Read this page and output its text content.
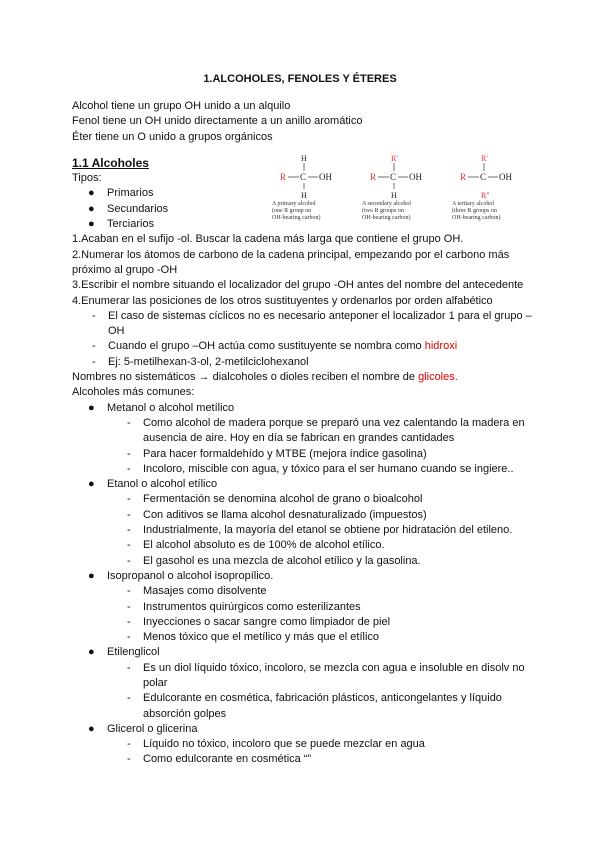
1.ALCOHOLES, FENOLES Y ÉTERES
Alcohol tiene un grupo OH unido a un alquilo
Fenol tiene un OH unido directamente a un anillo aromático
Éter tiene un O unido a grupos orgánicos
1.1 Alcoholes
Tipos:
● Primarios
● Secundarios
● Terciarios
1.Acaban en el sufijo -ol. Buscar la cadena más larga que contiene el grupo OH.
2.Numerar los átomos de carbono de la cadena principal, empezando por el carbono más
próximo al grupo -OH
3.Escribir el nombre situando el localizador del grupo -OH antes del nombre del antecedente
4.Enumerar las posiciones de los otros sustituyentes y ordenarlos por orden alfabético
- El caso de sistemas cíclicos no es necesario anteponer el localizador 1 para el grupo –OH
- Cuando el grupo –OH actúa como sustituyente se nombra como hidroxi
- Ej: 5-metilhexan-3-ol, 2-metilciclohexanol
Nombres no sistemáticos → dialcoholes o dioles reciben el nombre de glicoles.
Alcoholes más comunes:
● Metanol o alcohol metílico
- Como alcohol de madera porque se preparó una vez calentando la madera en ausencia de aire. Hoy en día se fabrican en grandes cantidades
- Para hacer formaldehído y MTBE (mejora índice gasolina)
- Incoloro, miscible con agua, y tóxico para el ser humano cuando se ingiere..
● Etanol o alcohol etílico
- Fermentación se denomina alcohol de grano o bioalcohol
- Con aditivos se llama alcohol desnaturalizado (impuestos)
- Industrialmente, la mayoría del etanol se obtiene por hidratación del etileno.
- El alcohol absoluto es de 100% de alcohol etílico.
- El gasohol es una mezcla de alcohol etílico y la gasolina.
● Isopropanol o alcohol isopropílico.
- Masajes como disolvente
- Instrumentos quirúrgicos como esterilizantes
- Inyecciones o sacar sangre como limpiador de piel
- Menos tóxico que el metílico y más que el etílico
● Etilenglicol
- Es un diol líquido tóxico, incoloro, se mezcla con agua e insoluble en disolv no polar
- Edulcorante en cosmética, fabricación plásticos, anticongelantes y líquido absorción golpes
● Glicerol o glicerina
- Líquido no tóxico, incoloro que se puede mezclar en agua
- Como edulcorante en cosmética “”
R C OH
H
H
A primary alcohol
(one R group on
OH-bearing carbon)
R C OH
R'
H
A secondary alcohol
(two R groups on
OH-bearing carbon)
R C OH
R'
R"
A tertiary alcohol
(three R groups on
OH-bearing carbon)
